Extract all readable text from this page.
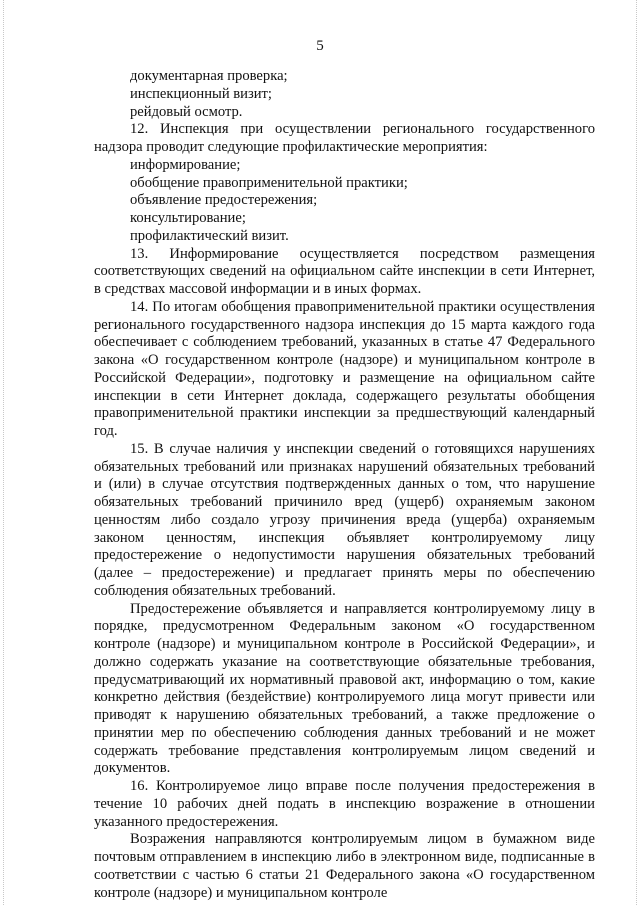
5

документарная проверка;

инспекционный визит;

рейдовый осмотр.

12. Инспекция при осуществлении регионального государственного надзора проводит следующие профилактические мероприятия:

информирование;

обобщение правоприменительной практики;

объявление предостережения;

консультирование;

профилактический визит.

13. Информирование осуществляется посредством размещения соответствующих сведений на официальном сайте инспекции в сети Интернет, в средствах массовой информации и в иных формах.

14. По итогам обобщения правоприменительной практики осуществления регионального государственного надзора инспекция до 15 марта каждого года обеспечивает с соблюдением требований, указанных в статье 47 Федерального закона «О государственном контроле (надзоре) и муниципальном контроле в Российской Федерации», подготовку и размещение на официальном сайте инспекции в сети Интернет доклада, содержащего результаты обобщения правоприменительной практики инспекции за предшествующий календарный год.

15. В случае наличия у инспекции сведений о готовящихся нарушениях обязательных требований или признаках нарушений обязательных требований и (или) в случае отсутствия подтвержденных данных о том, что нарушение обязательных требований причинило вред (ущерб) охраняемым законом ценностям либо создало угрозу причинения вреда (ущерба) охраняемым законом ценностям, инспекция объявляет контролируемому лицу предостережение о недопустимости нарушения обязательных требований (далее – предостережение) и предлагает принять меры по обеспечению соблюдения обязательных требований.

Предостережение объявляется и направляется контролируемому лицу в порядке, предусмотренном Федеральным законом «О государственном контроле (надзоре) и муниципальном контроле в Российской Федерации», и должно содержать указание на соответствующие обязательные требования, предусматривающий их нормативный правовой акт, информацию о том, какие конкретно действия (бездействие) контролируемого лица могут привести или приводят к нарушению обязательных требований, а также предложение о принятии мер по обеспечению соблюдения данных требований и не может содержать требование представления контролируемым лицом сведений и документов.

16. Контролируемое лицо вправе после получения предостережения в течение 10 рабочих дней подать в инспекцию возражение в отношении указанного предостережения.

Возражения направляются контролируемым лицом в бумажном виде почтовым отправлением в инспекцию либо в электронном виде, подписанные в соответствии с частью 6 статьи 21 Федерального закона «О государственном контроле (надзоре) и муниципальном контроле
